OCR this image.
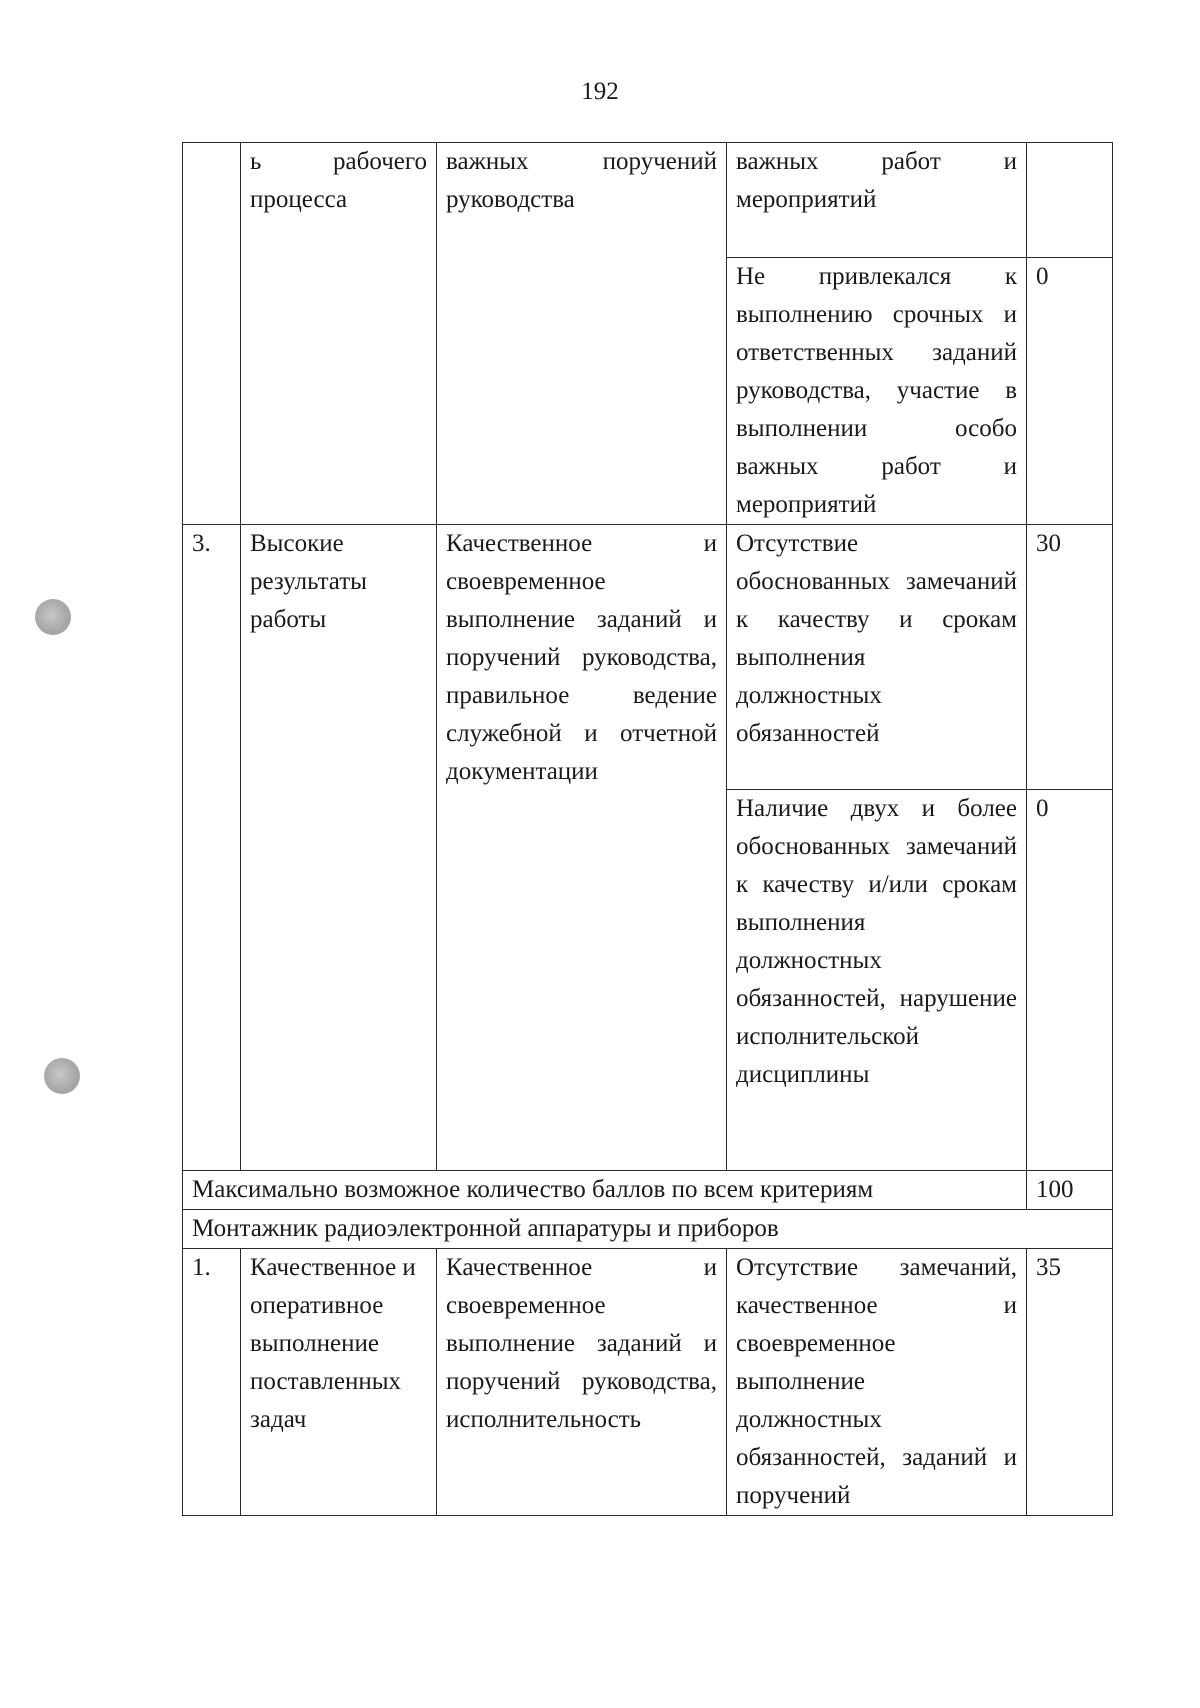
192
	ь рабочего процесса	важных поручений руководства	важных работ и мероприятий	
			Не привлекался к выполнению срочных и ответственных заданий руководства, участие в выполнении особо важных работ и мероприятий	0
3.	Высокие результаты работы	Качественное и своевременное выполнение заданий и поручений руководства, правильное ведение служебной и отчетной документации	Отсутствие обоснованных замечаний к качеству и срокам выполнения должностных обязанностей	30
			Наличие двух и более обоснованных замечаний к качеству и/или срокам выполнения должностных обязанностей, нарушение исполнительской дисциплины	0
Максимально возможное количество баллов по всем критериям				100
Монтажник радиоэлектронной аппаратуры и приборов				
1.	Качественное и оперативное выполнение поставленных задач	Качественное и своевременное выполнение заданий и поручений руководства, исполнительность	Отсутствие замечаний, качественное и своевременное выполнение должностных обязанностей, заданий и поручений	35
